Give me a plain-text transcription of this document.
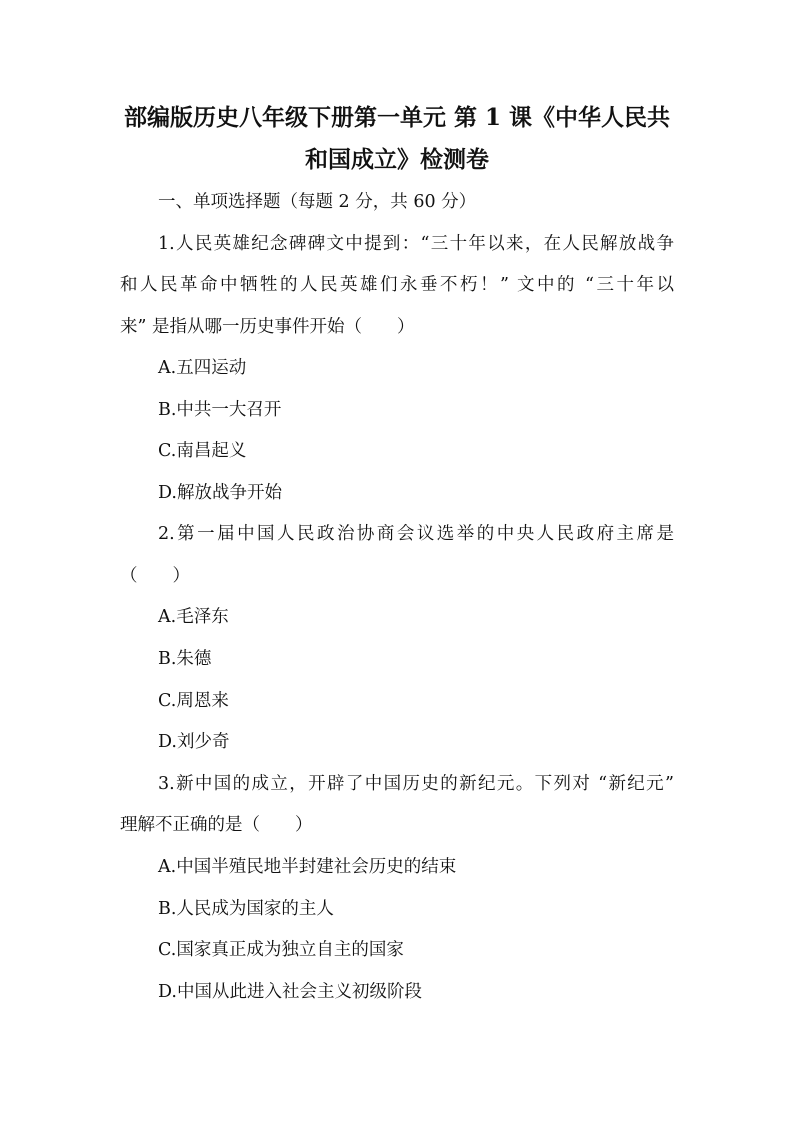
部编版历史八年级下册第一单元 第 1 课《中华人民共
和国成立》检测卷
一、单项选择题（每题 2 分，共 60 分）
1.人民英雄纪念碑碑文中提到：“三十年以来，在人民解放战争
和人民革命中牺牲的人民英雄们永垂不朽！” 文中的 “三十年以
来” 是指从哪一历史事件开始（　　）
A.五四运动
B.中共一大召开
C.南昌起义
D.解放战争开始
2.第一届中国人民政治协商会议选举的中央人民政府主席是
（　　）
A.毛泽东
B.朱德
C.周恩来
D.刘少奇
3.新中国的成立，开辟了中国历史的新纪元。下列对 “新纪元”
理解不正确的是（　　）
A.中国半殖民地半封建社会历史的结束
B.人民成为国家的主人
C.国家真正成为独立自主的国家
D.中国从此进入社会主义初级阶段
